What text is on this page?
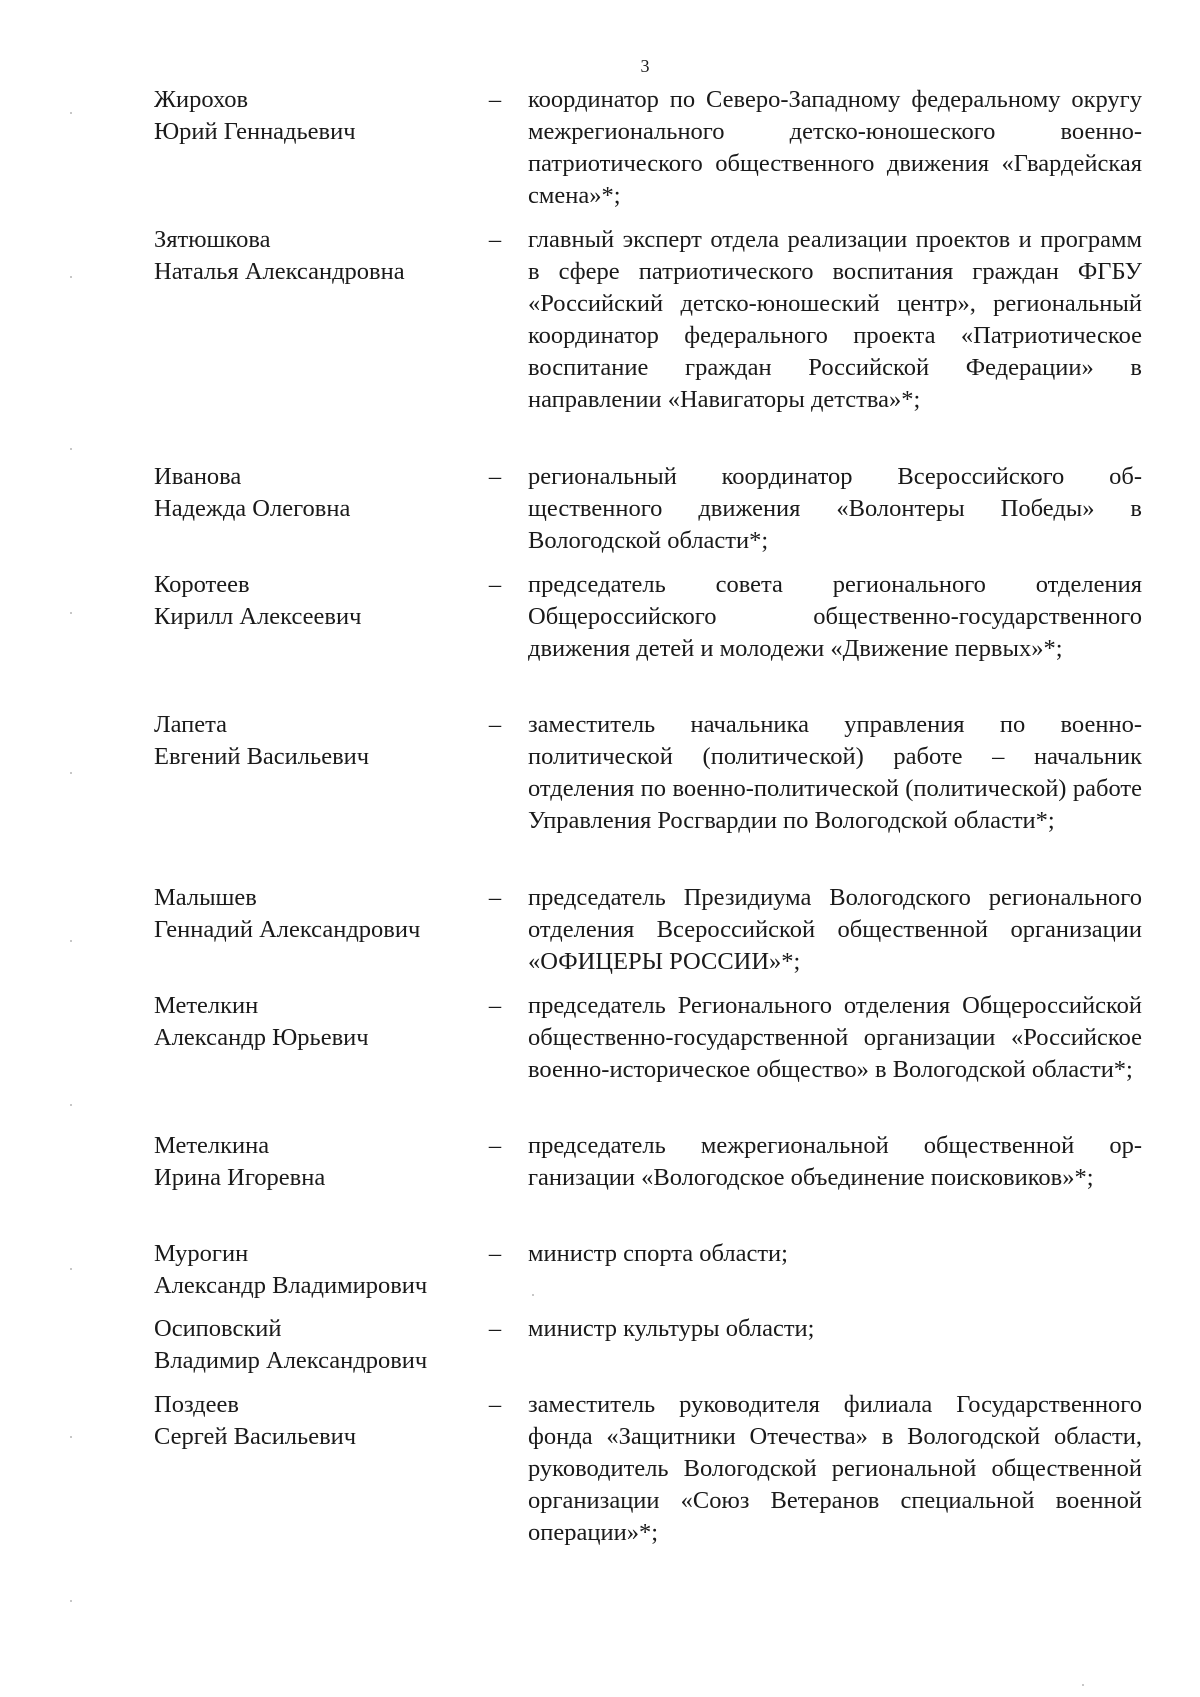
3
Жирохов
Юрий Геннадьевич
– координатор по Северо-Западному федеральному округу межрегионального детско-юношеского военно-патриотического общественного движения «Гвардейская смена»*;
Зятюшкова
Наталья Александровна
– главный эксперт отдела реализации проектов и программ в сфере патриотического воспитания граждан ФГБУ «Российский детско-юношеский центр», региональный координатор федерального проекта «Патриотическое воспитание граждан Российской Федерации» в направлении «Навигаторы детства»*;
Иванова
Надежда Олеговна
– региональный координатор Всероссийского общественного движения «Волонтеры Победы» в Вологодской области*;
Коротеев
Кирилл Алексеевич
– председатель совета регионального отделения Общероссийского общественно-государственного движения детей и молодежи «Движение первых»*;
Лапета
Евгений Васильевич
– заместитель начальника управления по военно-политической (политической) работе – начальник отделения по военно-политической (политической) работе Управления Росгвардии по Вологодской области*;
Малышев
Геннадий Александрович
– председатель Президиума Вологодского регионального отделения Всероссийской общественной организации «ОФИЦЕРЫ РОССИИ»*;
Метелкин
Александр Юрьевич
– председатель Регионального отделения Общероссийской общественно-государственной организации «Российское военно-историческое общество» в Вологодской области*;
Метелкина
Ирина Игоревна
– председатель межрегиональной общественной организации «Вологодское объединение поисковиков»*;
Мурогин
Александр Владимирович
– министр спорта области;
Осиповский
Владимир Александрович
– министр культуры области;
Поздеев
Сергей Васильевич
– заместитель руководителя филиала Государственного фонда «Защитники Отечества» в Вологодской области, руководитель Вологодской региональной общественной организации «Союз Ветеранов специальной военной операции»*;
